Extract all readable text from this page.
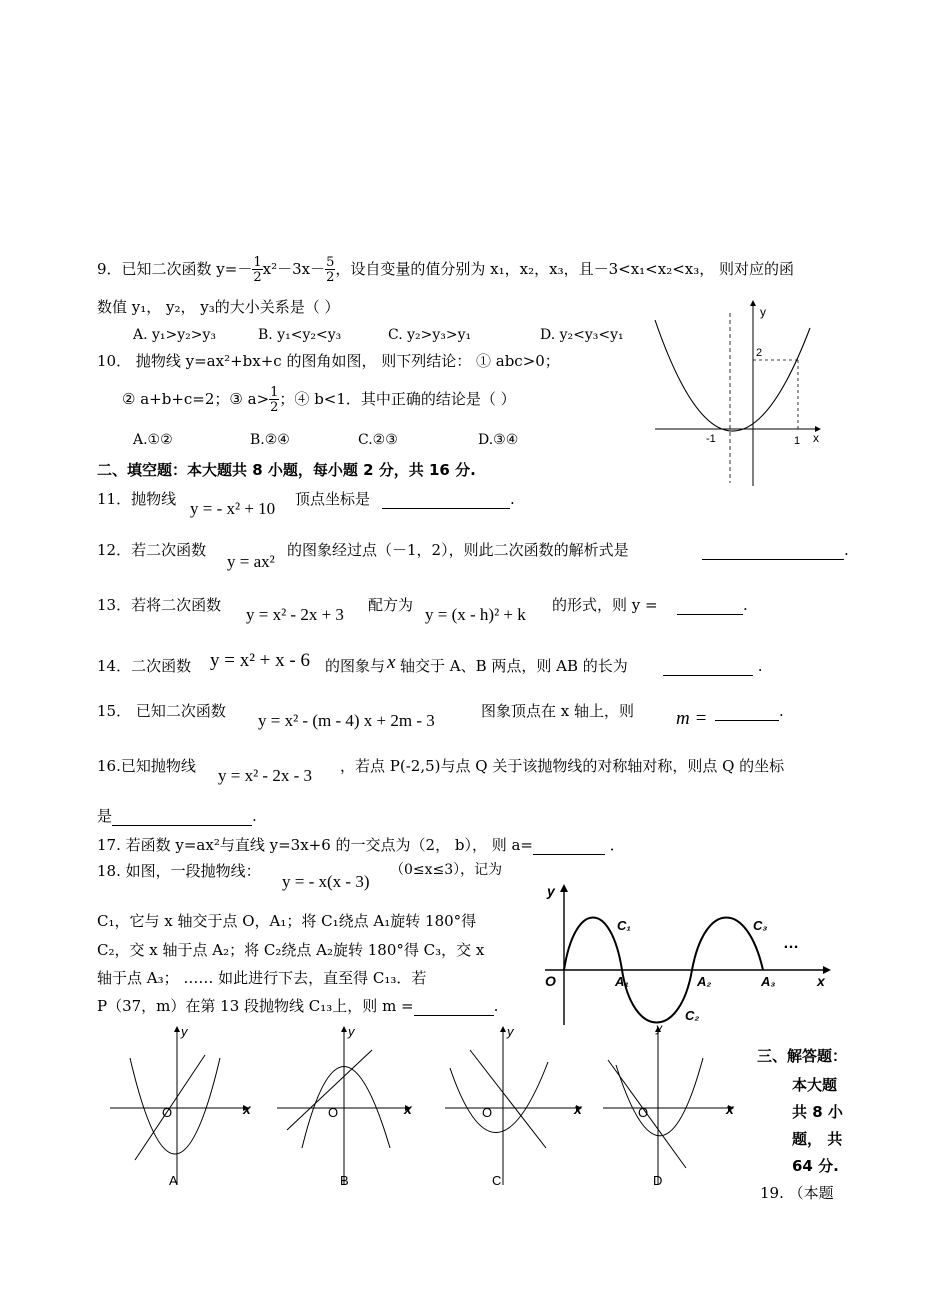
9．已知二次函数 $y=- \frac{1}{2} x^2-3x- \frac{5}{2}$ ，设自变量的值分别为 x₁，x₂，x₃，且－3<x₁<x₂<x₃， 则对应的函
数值 y₁， y₂， y₃的大小关系是（ ）
A. y₁>y₂>y₃	B. y₁<y₂<y₃	C. y₂>y₃>y₁	D. y₂<y₃<y₁
10． 抛物线 y=ax²+bx+c 的图角如图， 则下列结论： ① abc>0；
② a+b+c=2；③ $a> \frac{1}{2}$ ；④ b<1．其中正确的结论是（ ）
A.①②	B.②④	C.②③	D.③④
y
x
-1	1
2
二、填空题：本大题共 8 小题，每小题 2 分，共 16 分.
11．抛物线 y = - x² + 10 顶点坐标是	.
12．若二次函数
y = ax²
的图象经过点（－1，2），则此二次函数的解析式是	.
13．若将二次函数 y = x² - 2x + 3 配方为 y = (x - h)² + k 的形式，则 y =	.
14．二次函数 y = x² + x - 6 的图象与 x 轴交于 A、B 两点，则 AB 的长为	.
15． 已知二次函数 y = x² - (m - 4) x + 2m - 3	图象顶点在 x 轴上，则 m =	.
16.已知抛物线 y = x² - 2x - 3 ，若点 P(-2,5)与点 Q 关于该抛物线的对称轴对称，则点 Q 的坐标
是	.
17. 若函数 y=ax²与直线 y=3x+6 的一交点为（2， b）， 则 a=	．
18. 如图，一段抛物线：
y = - x(x - 3)
（0≤x≤3），记为
C₁，它与 x 轴交于点 O，A₁；将 C₁绕点 A₁旋转 180°得
C₂，交 x 轴于点 A₂；将 C₂绕点 A₂旋转 180°得 C₃，交 x
轴于点 A₃； …… 如此进行下去，直至得 C₁₃．若
P（37，m）在第 13 段抛物线 C₁₃上，则 m =	.
y
x
O	A₁	A₂	A₃
C₁
C₂
C₃
…
y
x
O
A
y
x
O
B
y
x
O
C
y
x
O
D
三、解答题：
本大题
共 8 小
题， 共
64 分.
19. （本题
